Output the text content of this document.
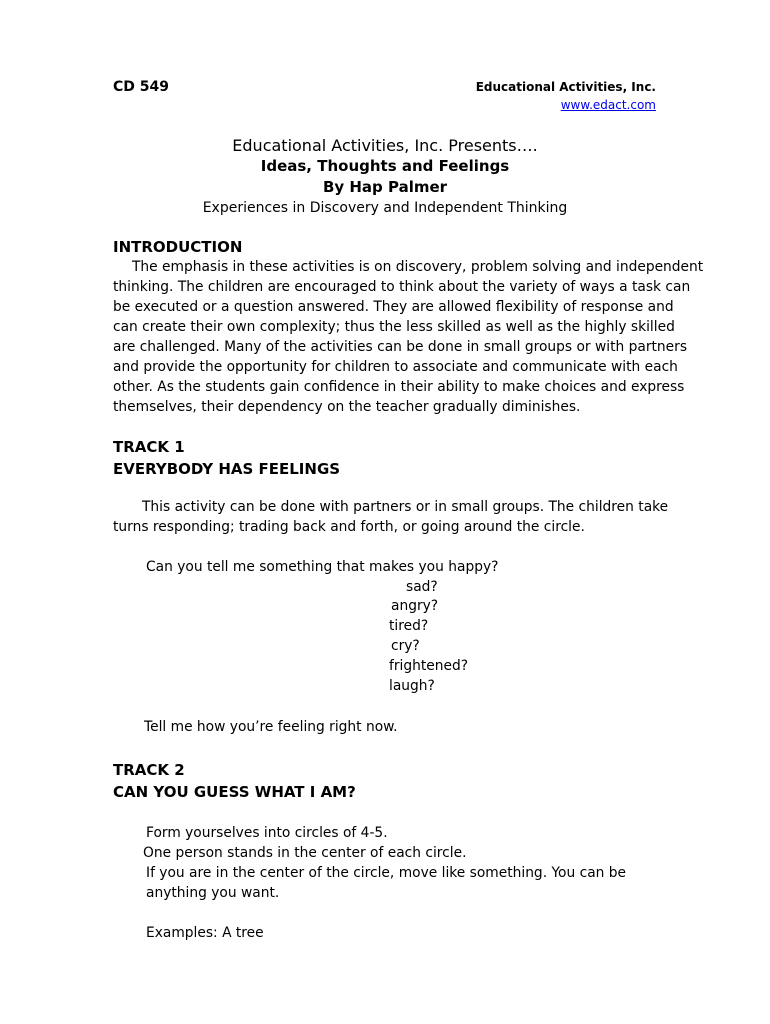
CD 549	Educational Activities, Inc.
www.edact.com
Educational Activities, Inc. Presents….
Ideas, Thoughts and Feelings
By Hap Palmer
Experiences in Discovery and Independent Thinking
INTRODUCTION
The emphasis in these activities is on discovery, problem solving and independent
thinking. The children are encouraged to think about the variety of ways a task can
be executed or a question answered. They are allowed flexibility of response and
can create their own complexity; thus the less skilled as well as the highly skilled
are challenged. Many of the activities can be done in small groups or with partners
and provide the opportunity for children to associate and communicate with each
other. As the students gain confidence in their ability to make choices and express
themselves, their dependency on the teacher gradually diminishes.
TRACK 1
EVERYBODY HAS FEELINGS
This activity can be done with partners or in small groups. The children take
turns responding; trading back and forth, or going around the circle.
Can you tell me something that makes you happy?
sad?
angry?
tired?
cry?
frightened?
laugh?
Tell me how you’re feeling right now.
TRACK 2
CAN YOU GUESS WHAT I AM?
Form yourselves into circles of 4-5.
One person stands in the center of each circle.
If you are in the center of the circle, move like something. You can be
anything you want.
Examples: A tree
